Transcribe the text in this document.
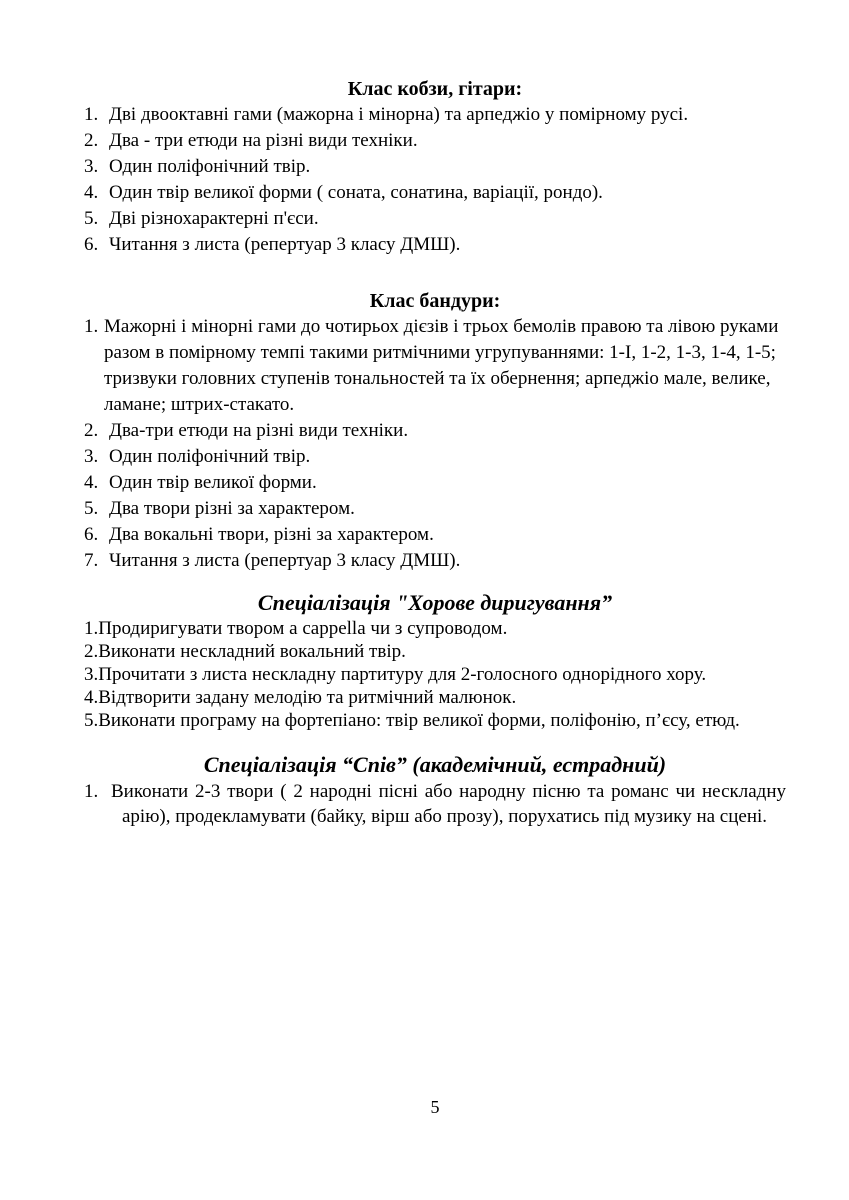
Клас кобзи, гітари:
1. Дві двооктавні гами (мажорна і мінорна) та арпеджіо у помірному русі.
2. Два - три етюди на різні види техніки.
3. Один поліфонічний твір.
4. Один твір великої форми ( соната, сонатина, варіації, рондо).
5. Дві різнохарактерні п'єси.
6. Читання з листа (репертуар 3 класу ДМШ).
Клас бандури:
1. Мажорні і мінорні гами до чотирьох дієзів і трьох бемолів правою та лівою руками разом в помірному темпі такими ритмічними угрупуваннями: 1-І, 1-2, 1-3, 1-4, 1-5; тризвуки головних ступенів тональностей та їх обернення; арпеджіо мале, велике, ламане; штрих-стакато.
2. Два-три етюди на різні види техніки.
3. Один поліфонічний твір.
4. Один твір великої форми.
5. Два твори різні за характером.
6. Два вокальні твори, різні за характером.
7. Читання з листа (репертуар 3 класу ДМШ).
Спеціалізація "Хорове диригування”
1.Продиригувати твором а cappella чи з супроводом.
2.Виконати нескладний вокальний твір.
3.Прочитати з листа нескладну партитуру для 2-голосного однорідного хору.
4.Відтворити задану мелодію та ритмічний малюнок.
5.Виконати програму на фортепіано: твір великої форми, поліфонію, п’єсу, етюд.
Спеціалізація “Спів” (академічний, естрадний)
1. Виконати 2-3 твори ( 2 народні пісні або народну пісню та романс чи нескладну арію), продекламувати (байку, вірш або прозу), порухатись під музику на сцені.
5
